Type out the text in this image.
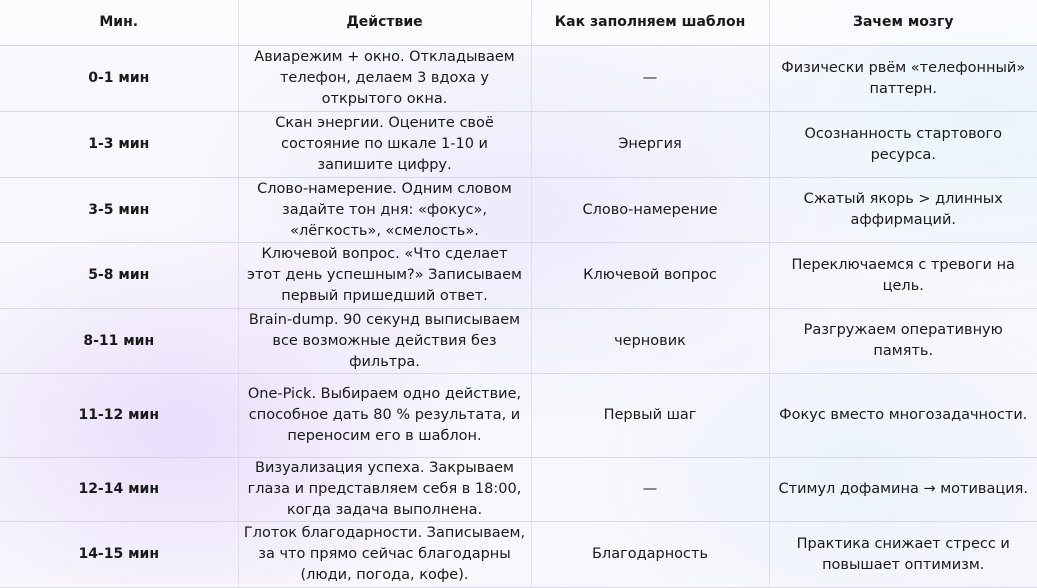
Мин.	Действие	Как заполняем шаблон	Зачем мозгу
0-1 мин	Авиарежим + окно. Откладываем телефон, делаем 3 вдоха у открытого окна.	—	Физически рвём «телефонный» паттерн.
1-3 мин	Скан энергии. Оцените своё состояние по шкале 1-10 и запишите цифру.	Энергия	Осознанность стартового ресурса.
3-5 мин	Слово-намерение. Одним словом задайте тон дня: «фокус», «лёгкость», «смелость».	Слово-намерение	Сжатый якорь > длинных аффирмаций.
5-8 мин	Ключевой вопрос. «Что сделает этот день успешным?» Записываем первый пришедший ответ.	Ключевой вопрос	Переключаемся с тревоги на цель.
8-11 мин	Brain-dump. 90 секунд выписываем все возможные действия без фильтра.	черновик	Разгружаем оперативную память.
11-12 мин	One-Pick. Выбираем одно действие, способное дать 80 % результата, и переносим его в шаблон.	Первый шаг	Фокус вместо многозадачности.
12-14 мин	Визуализация успеха. Закрываем глаза и представляем себя в 18:00, когда задача выполнена.	—	Стимул дофамина → мотивация.
14-15 мин	Глоток благодарности. Записываем, за что прямо сейчас благодарны (люди, погода, кофе).	Благодарность	Практика снижает стресс и повышает оптимизм.
